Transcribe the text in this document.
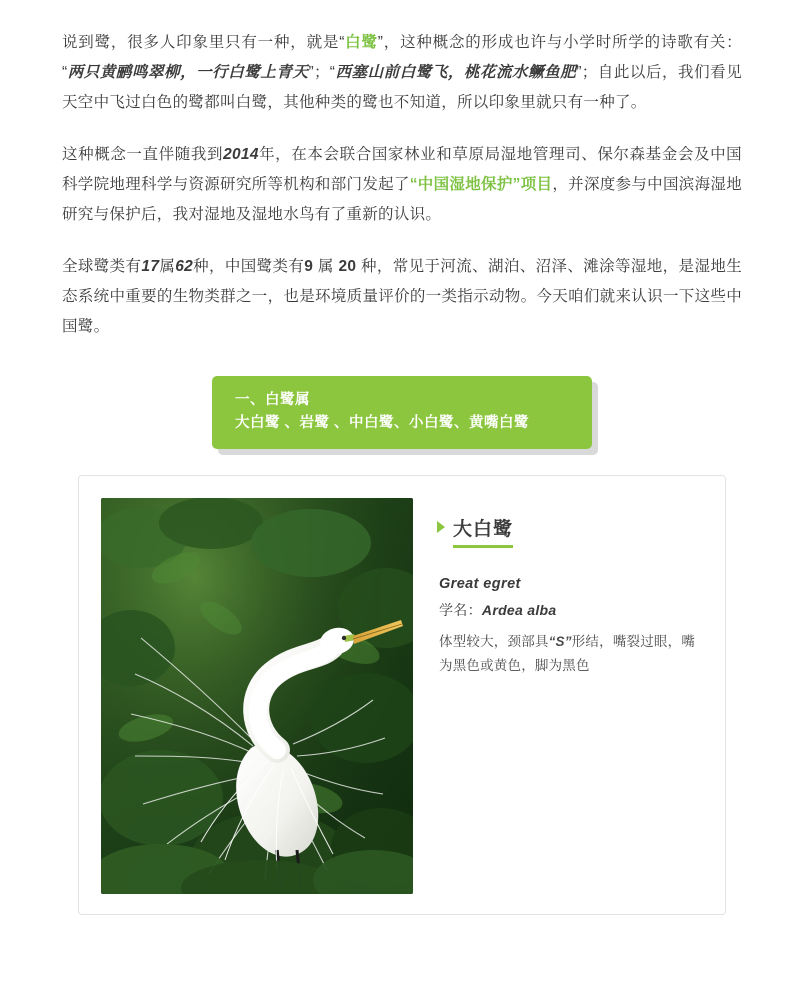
说到鹭，很多人印象里只有一种，就是“白鹭”，这种概念的形成也许与小学时所学的诗歌有关：“两只黄鹂鸣翠柳，一行白鹭上青天”；“西塞山前白鹭飞，桃花流水鳜鱼肥”；自此以后，我们看见天空中飞过白色的鹭都叫白鹭，其他种类的鹭也不知道，所以印象里就只有一种了。

这种概念一直伴随我到2014年，在本会联合国家林业和草原局湿地管理司、保尔森基金会及中国科学院地理科学与资源研究所等机构和部门发起了“中国湿地保护”项目，并深度参与中国滨海湿地研究与保护后，我对湿地及湿地水鸟有了重新的认识。

全球鹭类有17属62种，中国鹭类有9 属 20 种，常见于河流、湖泊、沼泽、滩涂等湿地，是湿地生态系统中重要的生物类群之一，也是环境质量评价的一类指示动物。今天咱们就来认识一下这些中国鹭。

一、白鹭属
大白鹭 、岩鹭 、中白鹭、小白鹭、黄嘴白鹭
大白鹭
Great egret
学名：Ardea alba
体型较大，颈部具“S”形结，嘴裂过眼，嘴为黑色或黄色，脚为黑色
